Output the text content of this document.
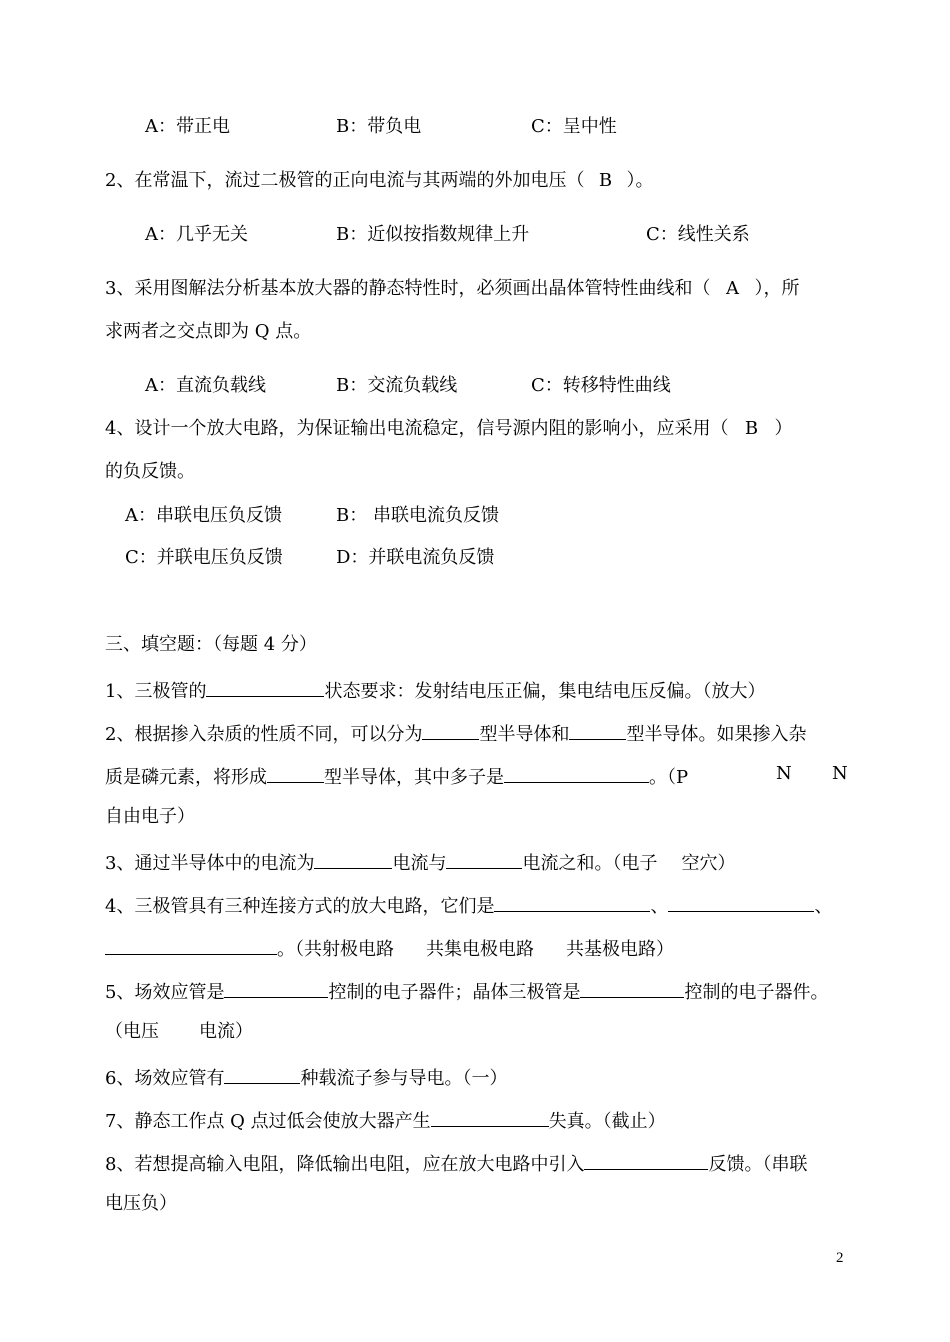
A：带正电	B：带负电	C：呈中性
2、在常温下，流过二极管的正向电流与其两端的外加电压（ B ）。
A：几乎无关	B：近似按指数规律上升	C：线性关系
3、采用图解法分析基本放大器的静态特性时，必须画出晶体管特性曲线和（ A ），所
求两者之交点即为 Q 点。
A：直流负载线	B：交流负载线	C：转移特性曲线
4、设计一个放大电路，为保证输出电流稳定，信号源内阻的影响小，应采用（ B ）
的负反馈。
A：串联电压负反馈	B： 串联电流负反馈
C：并联电压负反馈	D：并联电流负反馈
三、填空题：（每题 4 分）
1、三极管的	状态要求：发射结电压正偏，集电结电压反偏。（放大）
2、根据掺入杂质的性质不同，可以分为	型半导体和	型半导体。如果掺入杂
质是磷元素，将形成	型半导体，其中多子是	。（P	N N
自由电子）
3、通过半导体中的电流为	电流与	电流之和。（电子 空穴）
4、三极管具有三种连接方式的放大电路，它们是	、	、
。（共射极电路 共集电极电路 共基极电路）
5、场效应管是	控制的电子器件；晶体三极管是	控制的电子器件。
（电压 电流）
6、场效应管有	种载流子参与导电。（一）
7、静态工作点 Q 点过低会使放大器产生	失真。（截止）
8、若想提高输入电阻，降低输出电阻，应在放大电路中引入	反馈。（串联
电压负）
2
